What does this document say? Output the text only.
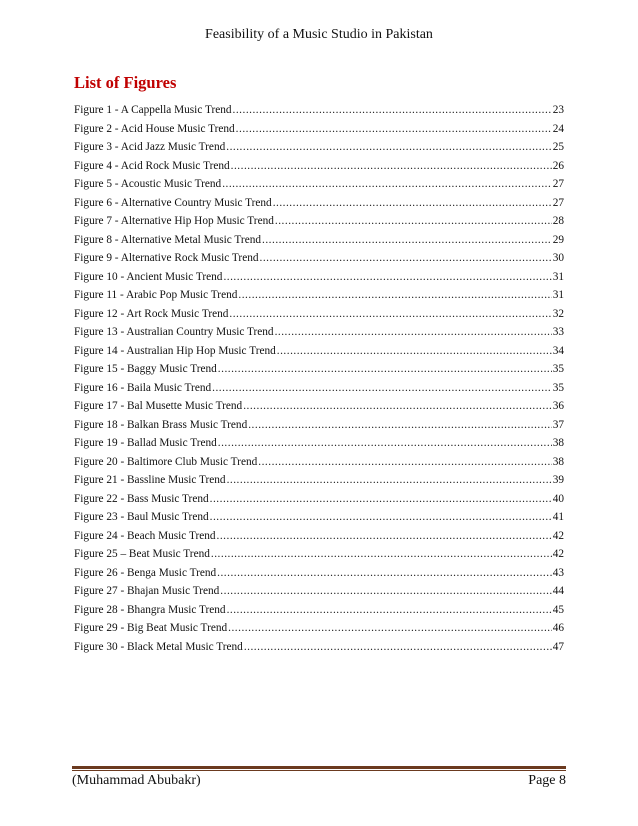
Feasibility of a Music Studio in Pakistan
List of Figures
Figure 1 - A Cappella Music Trend .....	23
Figure 2 - Acid House Music Trend .....	24
Figure 3 - Acid Jazz Music Trend .....	25
Figure 4 - Acid Rock Music Trend .....	26
Figure 5 - Acoustic Music Trend .....	27
Figure 6 - Alternative Country Music Trend .....	27
Figure 7 - Alternative Hip Hop Music Trend .....	28
Figure 8 - Alternative Metal Music Trend .....	29
Figure 9 - Alternative Rock Music Trend .....	30
Figure 10 - Ancient Music Trend .....	31
Figure 11 - Arabic Pop Music Trend .....	31
Figure 12 - Art Rock Music Trend .....	32
Figure 13 - Australian Country Music Trend .....	33
Figure 14 - Australian Hip Hop Music Trend .....	34
Figure 15 - Baggy Music Trend .....	35
Figure 16 - Baila Music Trend .....	35
Figure 17 - Bal Musette Music Trend .....	36
Figure 18 - Balkan Brass Music Trend .....	37
Figure 19 - Ballad Music Trend .....	38
Figure 20 - Baltimore Club Music Trend .....	38
Figure 21 - Bassline Music Trend .....	39
Figure 22 - Bass Music Trend .....	40
Figure 23 - Baul Music Trend .....	41
Figure 24 - Beach Music Trend .....	42
Figure 25 – Beat Music Trend .....	42
Figure 26 - Benga Music Trend .....	43
Figure 27 - Bhajan Music Trend .....	44
Figure 28 - Bhangra Music Trend .....	45
Figure 29 - Big Beat Music Trend .....	46
Figure 30 - Black Metal Music Trend .....	47
(Muhammad Abubakr)	Page 8
